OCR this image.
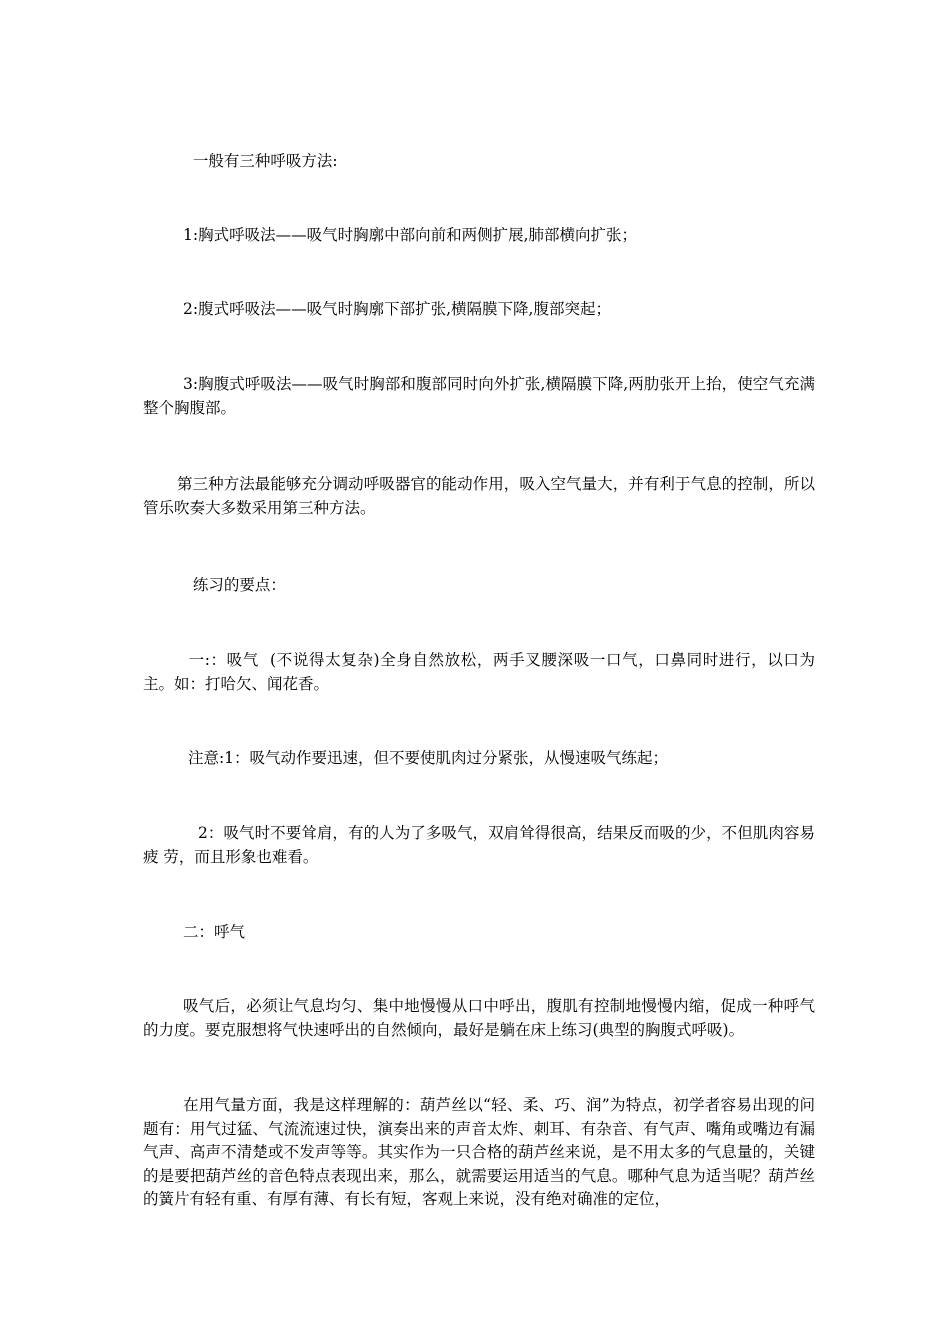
一般有三种呼吸方法:

1:胸式呼吸法——吸气时胸廓中部向前和两侧扩展,肺部横向扩张；

2:腹式呼吸法——吸气时胸廓下部扩张,横隔膜下降,腹部突起；

3:胸腹式呼吸法——吸气时胸部和腹部同时向外扩张,横隔膜下降,两肋张开上抬，使空气充满整个胸腹部。

第三种方法最能够充分调动呼吸器官的能动作用，吸入空气量大，并有利于气息的控制，所以管乐吹奏大多数采用第三种方法。

练习的要点：

一:：吸气  (不说得太复杂)全身自然放松，两手叉腰深吸一口气，口鼻同时进行，以口为主。如：打哈欠、闻花香。

注意:1：吸气动作要迅速，但不要使肌肉过分紧张，从慢速吸气练起；

2：吸气时不要耸肩，有的人为了多吸气，双肩耸得很高，结果反而吸的少，不但肌肉容易疲 劳，而且形象也难看。

二：呼气

吸气后，必须让气息均匀、集中地慢慢从口中呼出，腹肌有控制地慢慢内缩，促成一种呼气的力度。要克服想将气快速呼出的自然倾向，最好是躺在床上练习(典型的胸腹式呼吸)。

在用气量方面，我是这样理解的：葫芦丝以“轻、柔、巧、润”为特点，初学者容易出现的问题有：用气过猛、气流流速过快，演奏出来的声音太炸、刺耳、有杂音、有气声、嘴角或嘴边有漏气声、高声不清楚或不发声等等。其实作为一只合格的葫芦丝来说，是不用太多的气息量的，关键的是要把葫芦丝的音色特点表现出来，那么，就需要运用适当的气息。哪种气息为适当呢？葫芦丝的簧片有轻有重、有厚有薄、有长有短，客观上来说，没有绝对确准的定位，
